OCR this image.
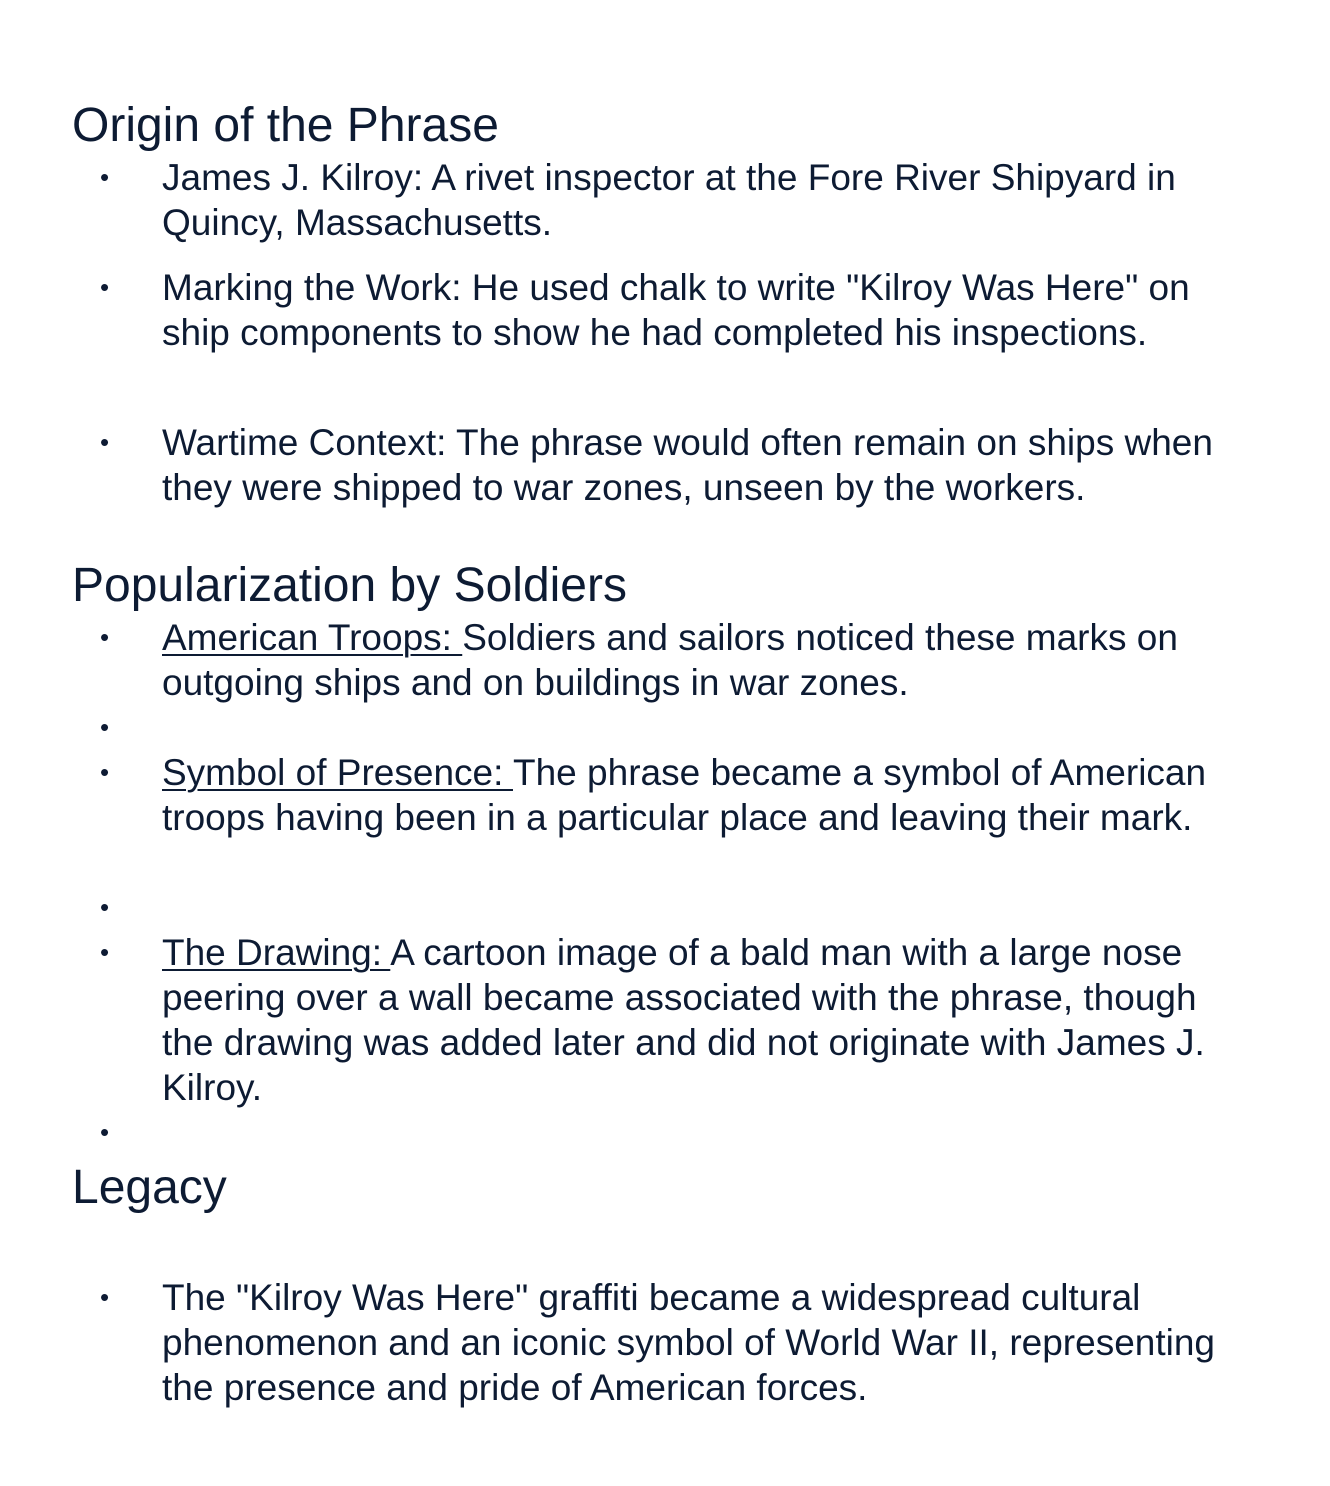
Origin of the Phrase
• James J. Kilroy: A rivet inspector at the Fore River Shipyard in Quincy, Massachusetts.
• Marking the Work: He used chalk to write "Kilroy Was Here" on ship components to show he had completed his inspections.
• Wartime Context: The phrase would often remain on ships when they were shipped to war zones, unseen by the workers.
Popularization by Soldiers
• American Troops: Soldiers and sailors noticed these marks on outgoing ships and on buildings in war zones.
•
• Symbol of Presence: The phrase became a symbol of American troops having been in a particular place and leaving their mark.
•
• The Drawing: A cartoon image of a bald man with a large nose peering over a wall became associated with the phrase, though the drawing was added later and did not originate with James J. Kilroy.
•
Legacy
• The "Kilroy Was Here" graffiti became a widespread cultural phenomenon and an iconic symbol of World War II, representing the presence and pride of American forces.
